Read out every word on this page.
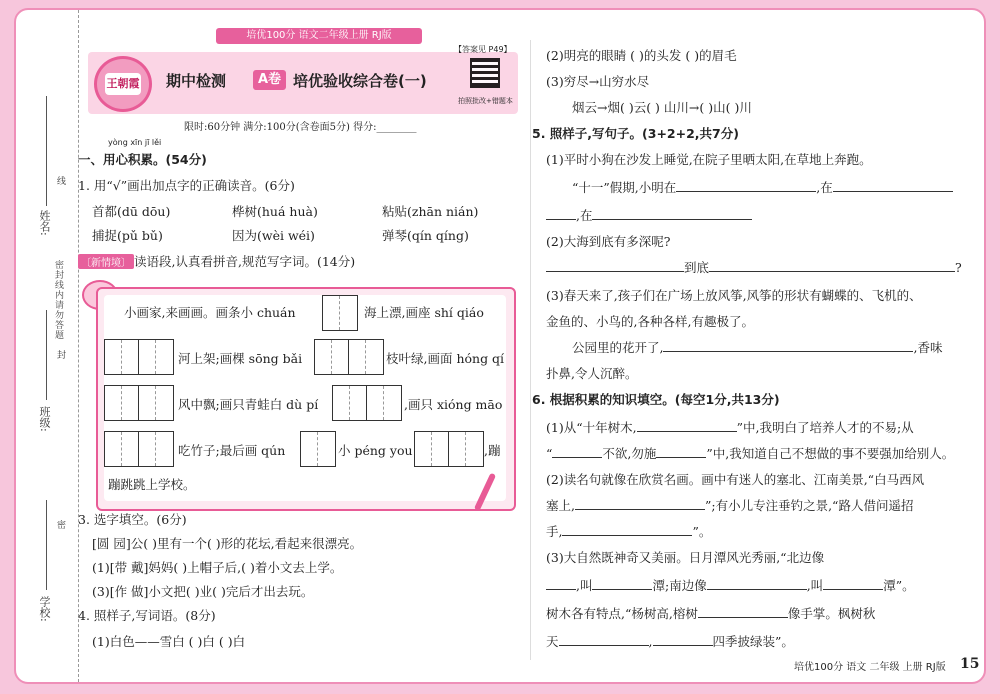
姓名:
密封线内请勿答题
班级:
学校:
线
封
密
培优100分 语文二年级上册 RJ版
王朝霞 期中检测	A卷 培优验收综合卷(一)
【答案见 P49】
拍照批改+错题本
限时:60分钟 满分:100分(含卷面5分) 得分:________
yòng xīn jī lěi
一、用心积累。(54分)
1. 用“√”画出加点字的正确读音。(6分)
首都(dū dōu)	桦树(huá huà)	粘贴(zhān nián)
捕捉(pǔ bǔ)	因为(wèi wéi)	弹琴(qín qíng)
〔新情境〕 读语段,认真看拼音,规范写字词。(14分)
小画家,来画画。画条小 chuán	海上漂,画座 shí qiáo
河上架;画棵 sōng bǎi	枝叶绿,画面 hóng qí
风中飘;画只青蛙白 dù pí	,画只 xióng māo
吃竹子;最后画 qún	小 péng you	,蹦
蹦跳跳上学校。
3. 选字填空。(6分)
[圆 园]公( )里有一个( )形的花坛,看起来很漂亮。
(1)[带 戴]妈妈( )上帽子后,( )着小文去上学。
(3)[作 做]小文把( )业( )完后才出去玩。
4. 照样子,写词语。(8分)
(1)白色——雪白 ( )白 ( )白
(2)明亮的眼睛 ( )的头发 ( )的眉毛
(3)穷尽→山穷水尽
烟云→烟( )云( ) 山川→( )山( )川
5. 照样子,写句子。(3+2+2,共7分)
(1)平时小狗在沙发上睡觉,在院子里晒太阳,在草地上奔跑。
“十一”假期,小明在	,在
,在
(2)大海到底有多深呢?
到底	?
(3)春天来了,孩子们在广场上放风筝,风筝的形状有蝴蝶的、飞机的、
金鱼的、小鸟的,各种各样,有趣极了。
公园里的花开了,	,香味
扑鼻,令人沉醉。
6. 根据积累的知识填空。(每空1分,共13分)
(1)从“十年树木,	”中,我明白了培养人才的不易;从
“	不欲,勿施	”中,我知道自己不想做的事不要强加给别人。
(2)读名句就像在欣赏名画。画中有迷人的塞北、江南美景,“白马西风
塞上,	”;有小儿专注垂钓之景,“路人借问遥招
手,	”。
(3)大自然既神奇又美丽。日月潭风光秀丽,“北边像
,叫	潭;南边像	,叫	潭”。
树木各有特点,“杨树高,榕树	像手掌。枫树秋
天	,	四季披绿装”。
培优100分 语文 二年级 上册 RJ版 15
